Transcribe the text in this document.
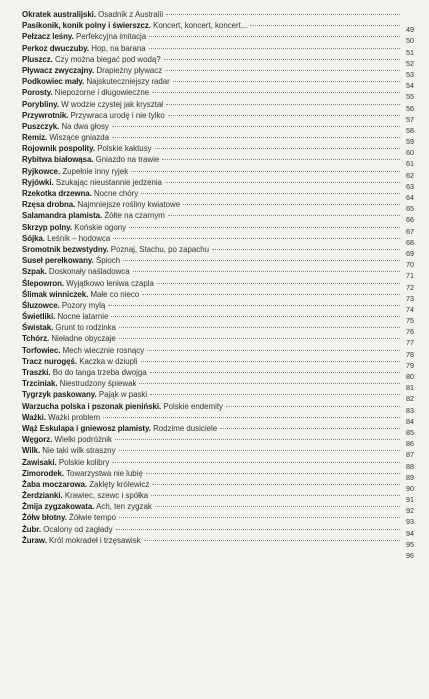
Okratek australijski. Osadnik z Australii
Pasikonik, konik polny i świerszcz. Koncert, koncert, koncert...	49
Pełzacz leśny. Perfekcyjna imitacja	50
Perkoz dwuczuby. Hop, na barana	51
Pluszcz. Czy można biegać pod wodą?	52
Pływacz zwyczajny. Drapieżny pływacz	53
Podkowiec mały. Najskuteczniejszy radar	54
Porosty. Niepozorne i długowieczne	55
Porybliny. W wodzie czystej jak kryształ	56
Przywrotnik. Przywraca urodę i nie tylko	57
Puszczyk. Na dwa głosy	58
Remiz. Wiszące gniazda	59
Rojownik pospolity. Polskie kaktusy	60
Rybitwa białowąsa. Gniazdo na trawie	61
Ryjkowce. Zupełnie inny ryjek	62
Ryjówki. Szukając nieustannie jedzenia	63
Rzekotka drzewna. Nocne chóry	64
Rzęsa drobna. Najmniejsze rośliny kwiatowe	65
Salamandra plamista. Żółte na czarnym	66
Skrzyp polny. Końskie ogony	67
Sójka. Leśnik – hodowca	68
Sromotnik bezwstydny. Poznaj, Stachu, po zapachu	69
Suseł perełkowany. Śpioch	70
Szpak. Doskonały naśladowca	71
Ślepowron. Wyjątkowo leniwa czapla	72
Ślimak winniczek. Małe co nieco	73
Śluzowce. Pozory mylą	74
Świetliki. Nocne latarnie	75
Świstak. Grunt to rodzinka	76
Tchórz. Nieładne obyczaje	77
Torfowiec. Mech wiecznie rosnący	78
Tracz nurogęś. Kaczka w dziupli	79
Traszki. Bo do tanga trzeba dwojga	80
Trzciniak. Niestrudzony śpiewak	81
Tygrzyk paskowany. Pająk w paski	82
Warzucha polska i pszonak pieniński. Polskie endemity	83
Ważki. Ważki problem	84
Wąż Eskulapa i gniewosz plamisty. Rodzime dusiciele	85
Węgorz. Wielki podróżnik	86
Wilk. Nie taki wilk straszny	87
Zawisaki. Polskie kolibry	88
Zimorodek. Towarzystwa nie lubię	89
Żaba moczarowa. Zaklęty królewicz	90
Żerdzianki. Krawiec, szewc i spółka	91
Żmija zygzakowata. Ach, ten zygzak	92
Żółw błotny. Żółwie tempo	93
Żubr. Ocalony od zagłady	94
Żuraw. Król mokradeł i trzęsawisk	95
96
